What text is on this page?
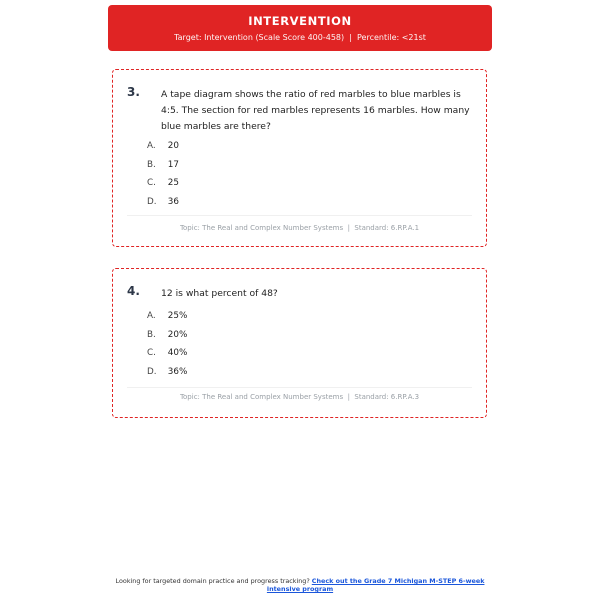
INTERVENTION
Target: Intervention (Scale Score 400-458) | Percentile: <21st
3. A tape diagram shows the ratio of red marbles to blue marbles is 4:5. The section for red marbles represents 16 marbles. How many blue marbles are there?
A. 20
B. 17
C. 25
D. 36
Topic: The Real and Complex Number Systems | Standard: 6.RP.A.1
4. 12 is what percent of 48?
A. 25%
B. 20%
C. 40%
D. 36%
Topic: The Real and Complex Number Systems | Standard: 6.RP.A.3
Looking for targeted domain practice and progress tracking? Check out the Grade 7 Michigan M-STEP 6-week intensive program
